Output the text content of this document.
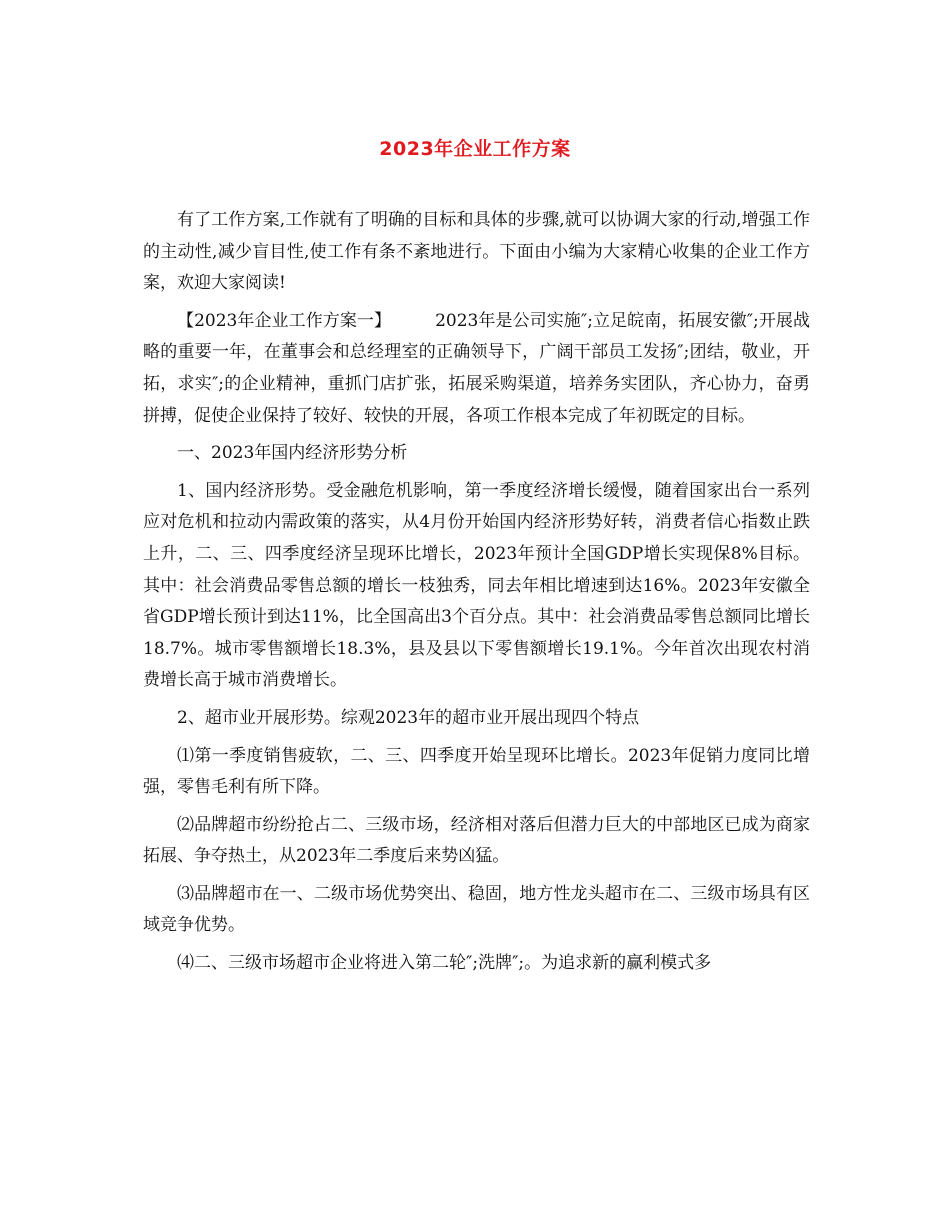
2023年企业工作方案

有了工作方案,工作就有了明确的目标和具体的步骤,就可以协调大家的行动,增强工作的主动性,减少盲目性,使工作有条不紊地进行。下面由小编为大家精心收集的企业工作方案，欢迎大家阅读!

【2023年企业工作方案一】	2023年是公司实施″;立足皖南，拓展安徽″;开展战略的重要一年，在董事会和总经理室的正确领导下，广阔干部员工发扬″;团结，敬业，开拓，求实″;的企业精神，重抓门店扩张，拓展采购渠道，培养务实团队，齐心协力，奋勇拼搏，促使企业保持了较好、较快的开展，各项工作根本完成了年初既定的目标。

一、2023年国内经济形势分析

1、国内经济形势。受金融危机影响，第一季度经济增长缓慢，随着国家出台一系列应对危机和拉动内需政策的落实，从4月份开始国内经济形势好转，消费者信心指数止跌上升，二、三、四季度经济呈现环比增长，2023年预计全国GDP增长实现保8%目标。其中：社会消费品零售总额的增长一枝独秀，同去年相比增速到达16%。2023年安徽全省GDP增长预计到达11%，比全国高出3个百分点。其中：社会消费品零售总额同比增长18.7%。城市零售额增长18.3%，县及县以下零售额增长19.1%。今年首次出现农村消费增长高于城市消费增长。

2、超市业开展形势。综观2023年的超市业开展出现四个特点

⑴第一季度销售疲软，二、三、四季度开始呈现环比增长。2023年促销力度同比增强，零售毛利有所下降。

⑵品牌超市纷纷抢占二、三级市场，经济相对落后但潜力巨大的中部地区已成为商家拓展、争夺热土，从2023年二季度后来势凶猛。

⑶品牌超市在一、二级市场优势突出、稳固，地方性龙头超市在二、三级市场具有区域竞争优势。

⑷二、三级市场超市企业将进入第二轮″;洗牌″;。为追求新的赢利模式多
